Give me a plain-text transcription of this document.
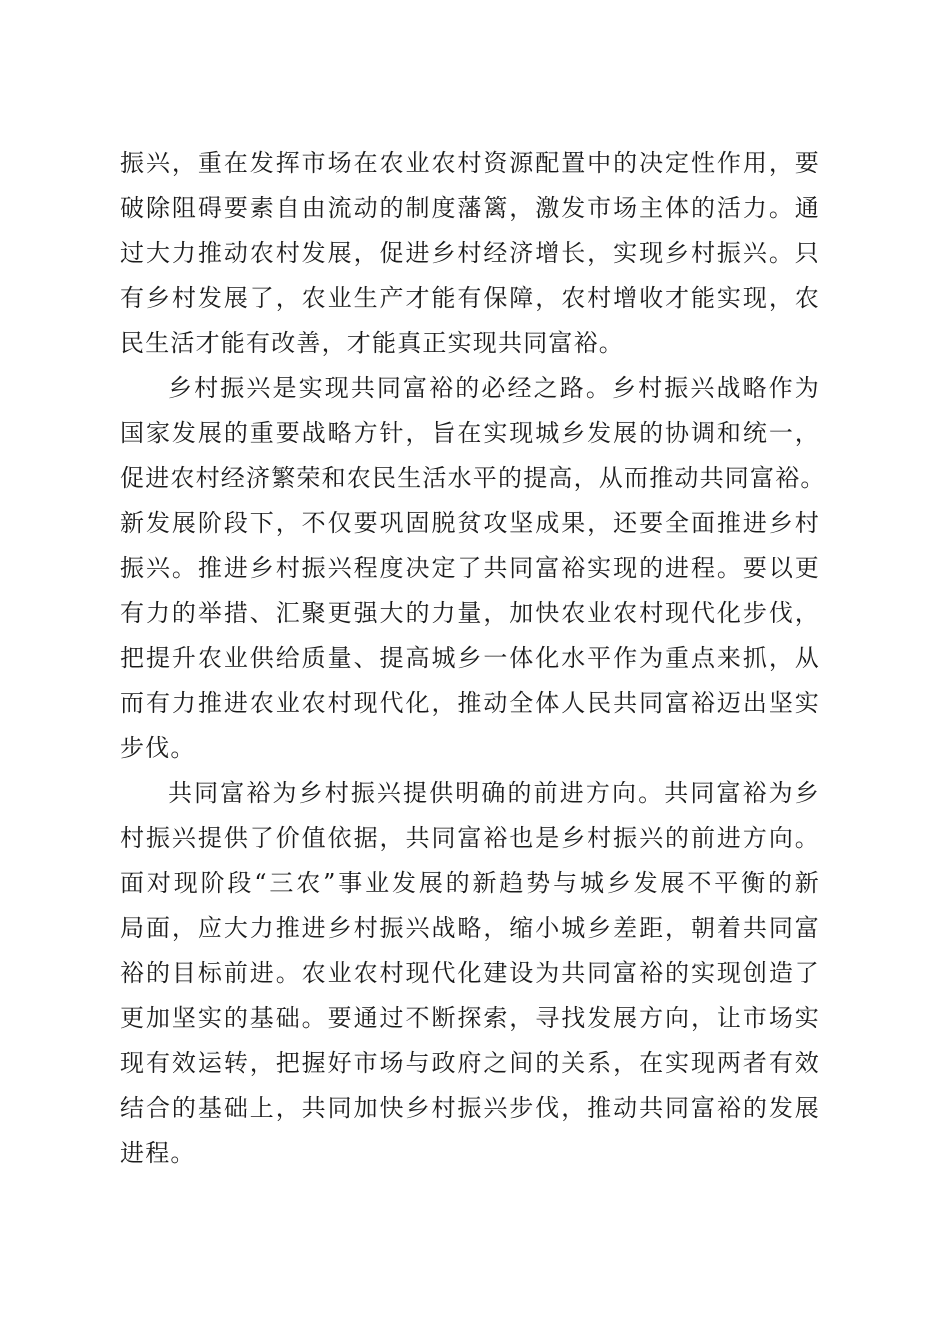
振兴，重在发挥市场在农业农村资源配置中的决定性作用，要
破除阻碍要素自由流动的制度藩篱，激发市场主体的活力。通
过大力推动农村发展，促进乡村经济增长，实现乡村振兴。只
有乡村发展了，农业生产才能有保障，农村增收才能实现，农
民生活才能有改善，才能真正实现共同富裕。
乡村振兴是实现共同富裕的必经之路。乡村振兴战略作为
国家发展的重要战略方针，旨在实现城乡发展的协调和统一，
促进农村经济繁荣和农民生活水平的提高，从而推动共同富裕。
新发展阶段下，不仅要巩固脱贫攻坚成果，还要全面推进乡村
振兴。推进乡村振兴程度决定了共同富裕实现的进程。要以更
有力的举措、汇聚更强大的力量，加快农业农村现代化步伐，
把提升农业供给质量、提高城乡一体化水平作为重点来抓，从
而有力推进农业农村现代化，推动全体人民共同富裕迈出坚实
步伐。
共同富裕为乡村振兴提供明确的前进方向。共同富裕为乡
村振兴提供了价值依据，共同富裕也是乡村振兴的前进方向。
面对现阶段“三农”事业发展的新趋势与城乡发展不平衡的新
局面，应大力推进乡村振兴战略，缩小城乡差距，朝着共同富
裕的目标前进。农业农村现代化建设为共同富裕的实现创造了
更加坚实的基础。要通过不断探索，寻找发展方向，让市场实
现有效运转，把握好市场与政府之间的关系，在实现两者有效
结合的基础上，共同加快乡村振兴步伐，推动共同富裕的发展
进程。
